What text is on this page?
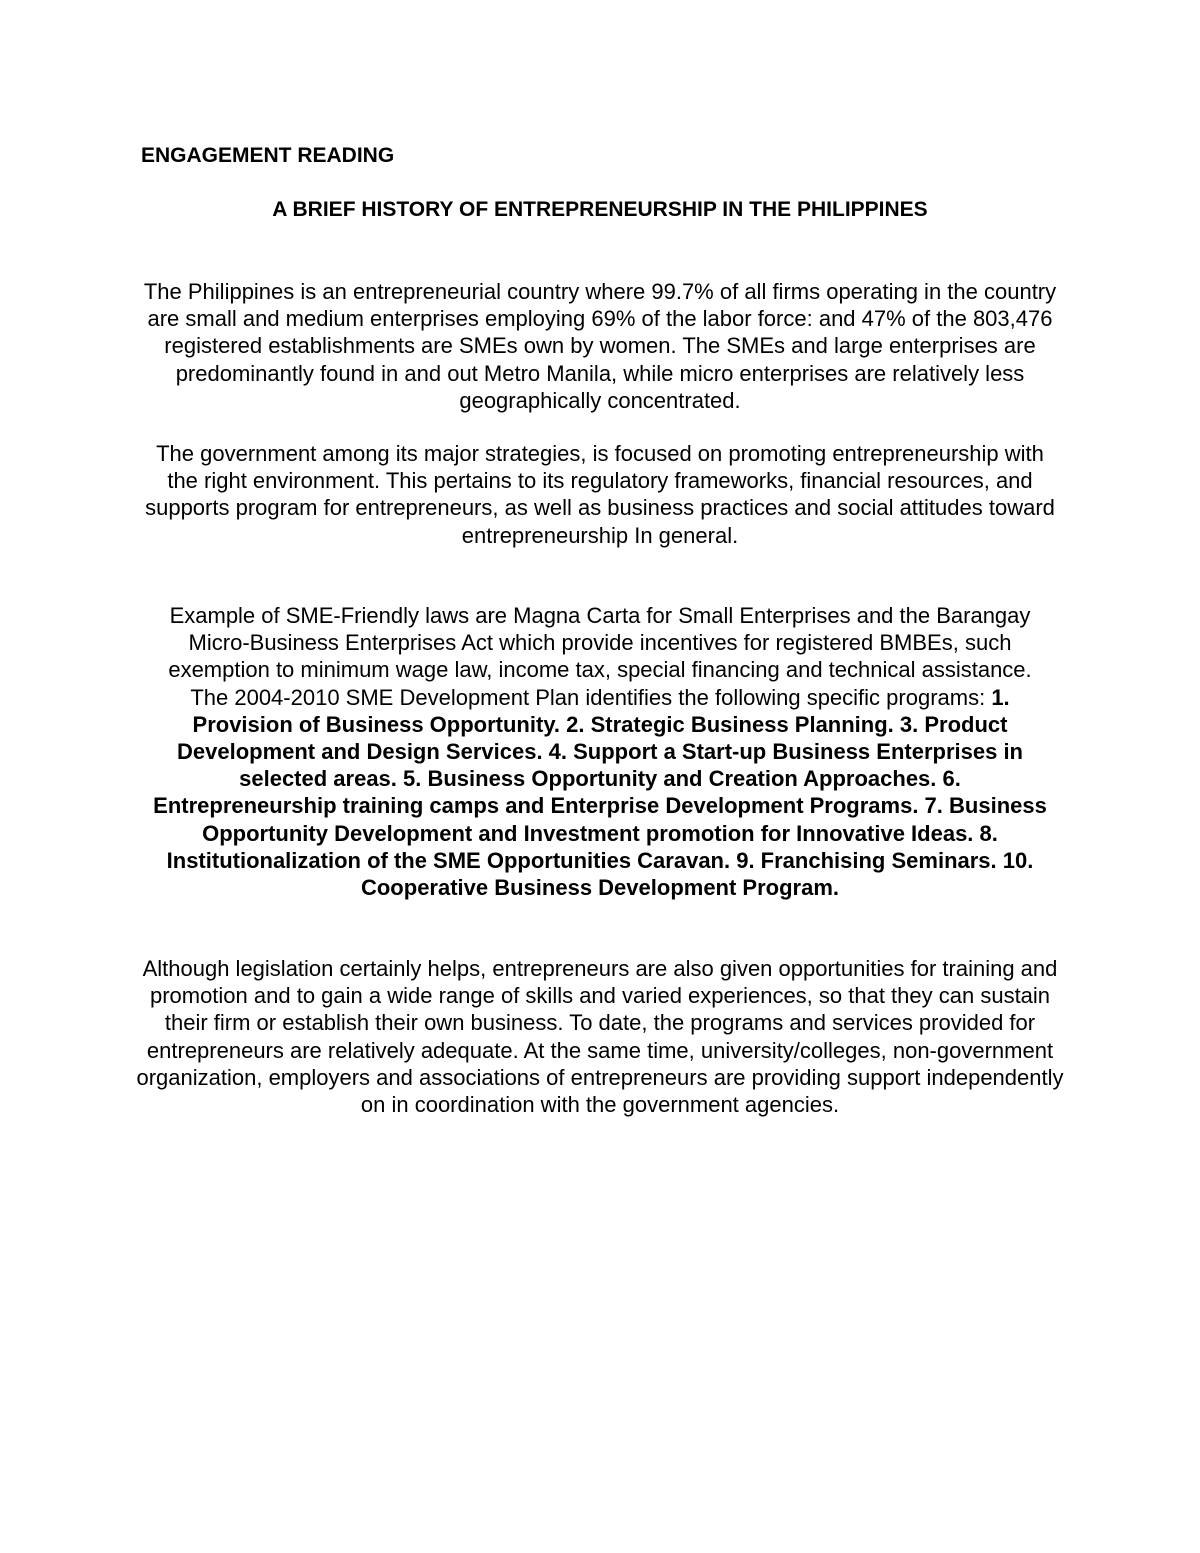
ENGAGEMENT READING
A BRIEF HISTORY OF ENTREPRENEURSHIP IN THE PHILIPPINES

The Philippines is an entrepreneurial country where 99.7% of all firms operating in the country are small and medium enterprises employing 69% of the labor force: and 47% of the 803,476 registered establishments are SMEs own by women. The SMEs and large enterprises are predominantly found in and out Metro Manila, while micro enterprises are relatively less geographically concentrated.

The government among its major strategies, is focused on promoting entrepreneurship with the right environment. This pertains to its regulatory frameworks, financial resources, and supports program for entrepreneurs, as well as business practices and social attitudes toward entrepreneurship In general.

Example of SME-Friendly laws are Magna Carta for Small Enterprises and the Barangay Micro-Business Enterprises Act which provide incentives for registered BMBEs, such exemption to minimum wage law, income tax, special financing and technical assistance. The 2004-2010 SME Development Plan identifies the following specific programs: 1. Provision of Business Opportunity. 2. Strategic Business Planning. 3. Product Development and Design Services. 4. Support a Start-up Business Enterprises in selected areas. 5. Business Opportunity and Creation Approaches. 6. Entrepreneurship training camps and Enterprise Development Programs. 7. Business Opportunity Development and Investment promotion for Innovative Ideas. 8. Institutionalization of the SME Opportunities Caravan. 9. Franchising Seminars. 10. Cooperative Business Development Program.

Although legislation certainly helps, entrepreneurs are also given opportunities for training and promotion and to gain a wide range of skills and varied experiences, so that they can sustain their firm or establish their own business. To date, the programs and services provided for entrepreneurs are relatively adequate. At the same time, university/colleges, non-government organization, employers and associations of entrepreneurs are providing support independently on in coordination with the government agencies.
